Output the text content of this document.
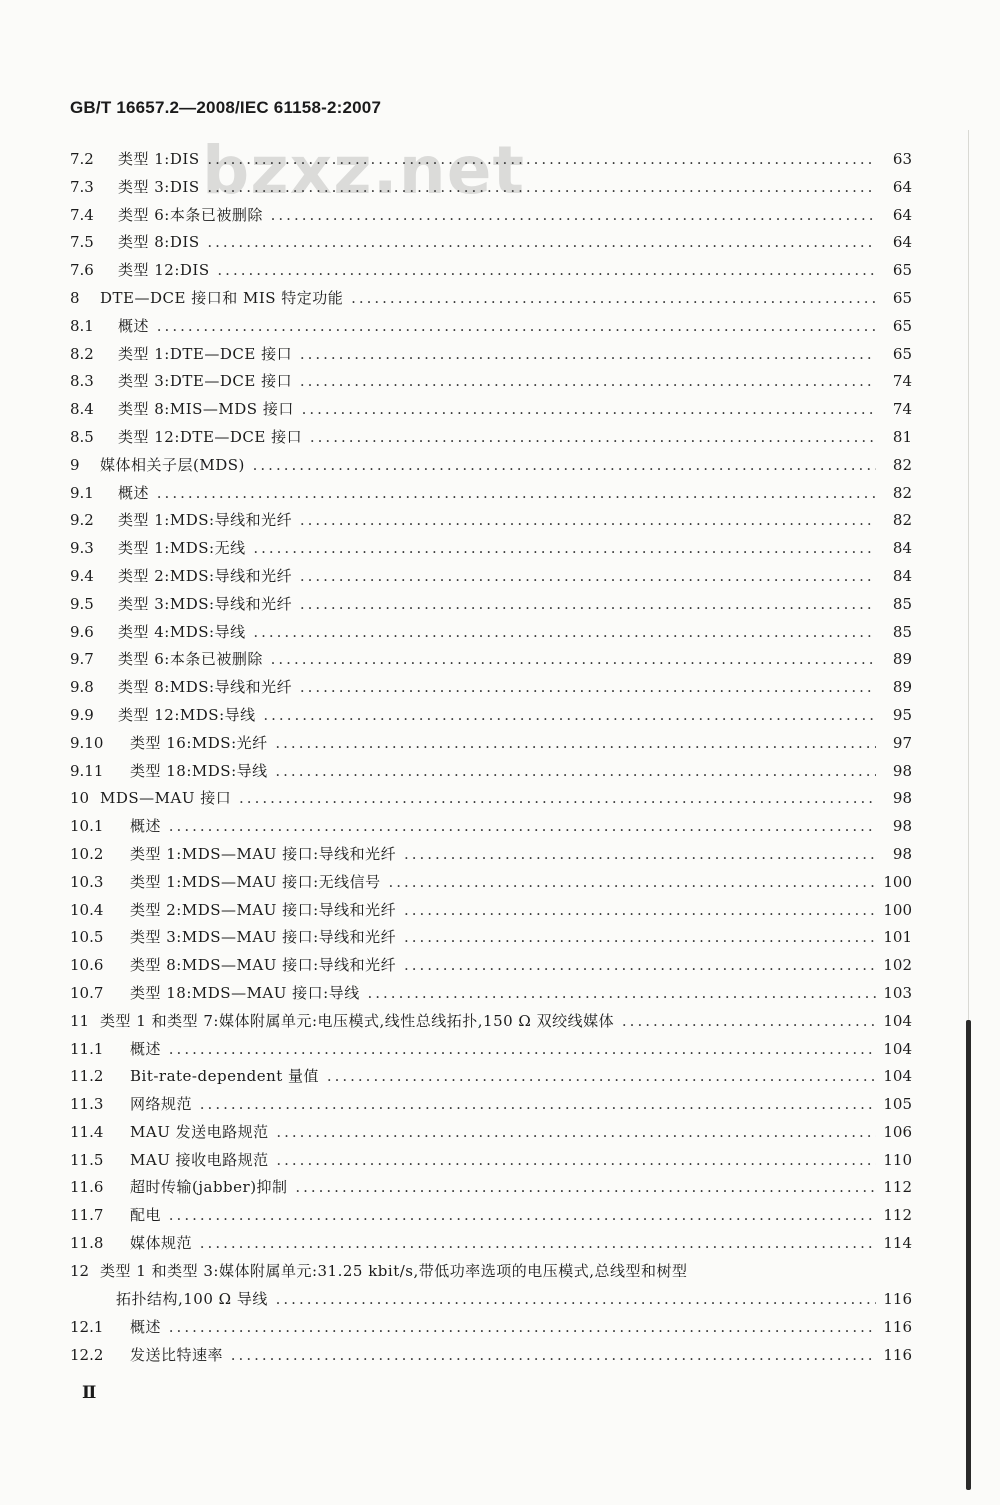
bzxz.net
GB/T 16657.2—2008/IEC 61158-2:2007
7.2 类型 1:DIS .....	63
7.3 类型 3:DIS .....	64
7.4 类型 6:本条已被删除 .....	64
7.5 类型 8:DIS .....	64
7.6 类型 12:DIS .....	65
8 DTE—DCE 接口和 MIS 特定功能 .....	65
8.1 概述 .....	65
8.2 类型 1:DTE—DCE 接口 .....	65
8.3 类型 3:DTE—DCE 接口 .....	74
8.4 类型 8:MIS—MDS 接口 .....	74
8.5 类型 12:DTE—DCE 接口 .....	81
9 媒体相关子层(MDS) .....	82
9.1 概述 .....	82
9.2 类型 1:MDS:导线和光纤 .....	82
9.3 类型 1:MDS:无线 .....	84
9.4 类型 2:MDS:导线和光纤 .....	84
9.5 类型 3:MDS:导线和光纤 .....	85
9.6 类型 4:MDS:导线 .....	85
9.7 类型 6:本条已被删除 .....	89
9.8 类型 8:MDS:导线和光纤 .....	89
9.9 类型 12:MDS:导线 .....	95
9.10 类型 16:MDS:光纤 .....	97
9.11 类型 18:MDS:导线 .....	98
10 MDS—MAU 接口 .....	98
10.1 概述 .....	98
10.2 类型 1:MDS—MAU 接口:导线和光纤 .....	98
10.3 类型 1:MDS—MAU 接口:无线信号 .....	100
10.4 类型 2:MDS—MAU 接口:导线和光纤 .....	100
10.5 类型 3:MDS—MAU 接口:导线和光纤 .....	101
10.6 类型 8:MDS—MAU 接口:导线和光纤 .....	102
10.7 类型 18:MDS—MAU 接口:导线 .....	103
11 类型 1 和类型 7:媒体附属单元:电压模式,线性总线拓扑,150 Ω 双绞线媒体 .....	104
11.1 概述 .....	104
11.2 Bit-rate-dependent 量值 .....	104
11.3 网络规范 .....	105
11.4 MAU 发送电路规范 .....	106
11.5 MAU 接收电路规范 .....	110
11.6 超时传输(jabber)抑制 .....	112
11.7 配电 .....	112
11.8 媒体规范 .....	114
12 类型 1 和类型 3:媒体附属单元:31.25 kbit/s,带低功率选项的电压模式,总线型和树型
拓扑结构,100 Ω 导线 .....	116
12.1 概述 .....	116
12.2 发送比特速率 .....	116
Ⅱ
